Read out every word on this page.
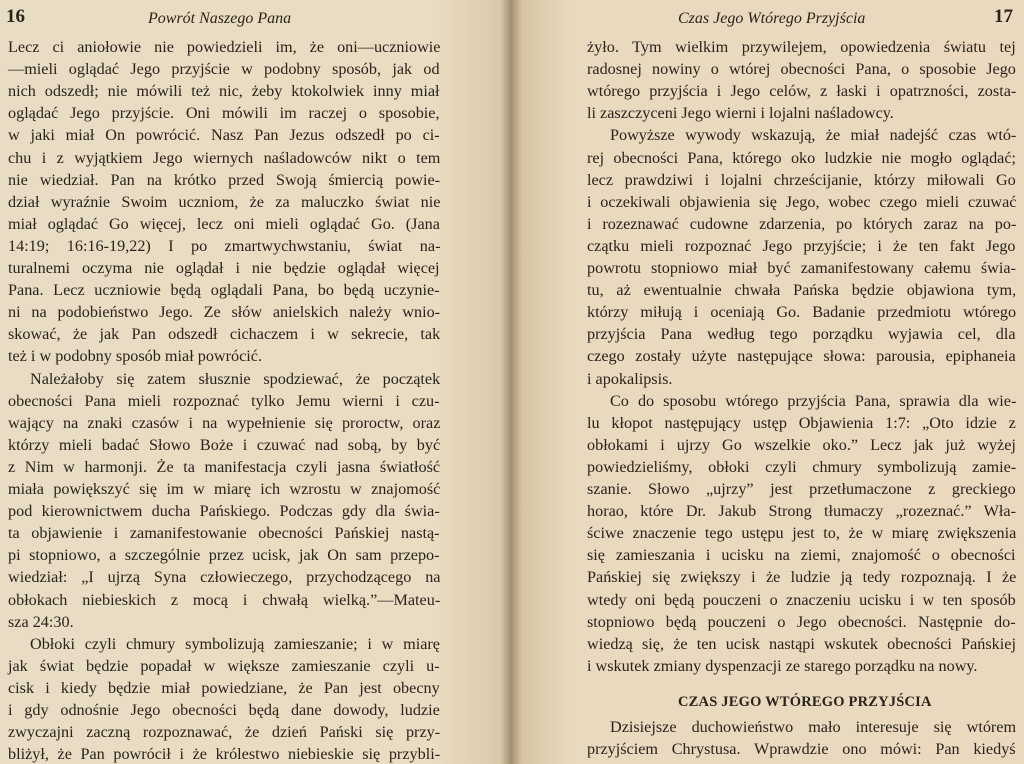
16	Powrót Naszego Pana
Lecz ci aniołowie nie powiedzieli im, że oni—uczniowie
—mieli oglądać Jego przyjście w podobny sposób, jak od
nich odszedł; nie mówili też nic, żeby ktokolwiek inny miał
oglądać Jego przyjście. Oni mówili im raczej o sposobie,
w jaki miał On powrócić. Nasz Pan Jezus odszedł po ci-
chu i z wyjątkiem Jego wiernych naśladowców nikt o tem
nie wiedział. Pan na krótko przed Swoją śmiercią powie-
dział wyraźnie Swoim uczniom, że za maluczko świat nie
miał oglądać Go więcej, lecz oni mieli oglądać Go. (Jana
14:19; 16:16-19,22) I po zmartwychwstaniu, świat na-
turalnemi oczyma nie oglądał i nie będzie oglądał więcej
Pana. Lecz uczniowie będą oglądali Pana, bo będą uczynie-
ni na podobieństwo Jego. Ze słów anielskich należy wnio-
skować, że jak Pan odszedł cichaczem i w sekrecie, tak
też i w podobny sposób miał powrócić.
Należałoby się zatem słusznie spodziewać, że początek
obecności Pana mieli rozpoznać tylko Jemu wierni i czu-
wający na znaki czasów i na wypełnienie się proroctw, oraz
którzy mieli badać Słowo Boże i czuwać nad sobą, by być
z Nim w harmonji. Że ta manifestacja czyli jasna światłość
miała powiększyć się im w miarę ich wzrostu w znajomość
pod kierownictwem ducha Pańskiego. Podczas gdy dla świa-
ta objawienie i zamanifestowanie obecności Pańskiej nastą-
pi stopniowo, a szczególnie przez ucisk, jak On sam przepo-
wiedział: „I ujrzą Syna człowieczego, przychodzącego na
obłokach niebieskich z mocą i chwałą wielką.”—Mateu-
sza 24:30.
Obłoki czyli chmury symbolizują zamieszanie; i w miarę
jak świat będzie popadał w większe zamieszanie czyli u-
cisk i kiedy będzie miał powiedziane, że Pan jest obecny
i gdy odnośnie Jego obecności będą dane dowody, ludzie
zwyczajni zaczną rozpoznawać, że dzień Pański się przy-
bliżył, że Pan powrócił i że królestwo niebieskie się przybli-
Czas Jego Wtórego Przyjścia	17
żyło. Tym wielkim przywilejem, opowiedzenia światu tej
radosnej nowiny o wtórej obecności Pana, o sposobie Jego
wtórego przyjścia i Jego celów, z łaski i opatrzności, zosta-
li zaszczyceni Jego wierni i lojalni naśladowcy.
Powyższe wywody wskazują, że miał nadejść czas wtó-
rej obecności Pana, którego oko ludzkie nie mogło oglądać;
lecz prawdziwi i lojalni chrześcijanie, którzy miłowali Go
i oczekiwali objawienia się Jego, wobec czego mieli czuwać
i rozeznawać cudowne zdarzenia, po których zaraz na po-
czątku mieli rozpoznać Jego przyjście; i że ten fakt Jego
powrotu stopniowo miał być zamanifestowany całemu świa-
tu, aż ewentualnie chwała Pańska będzie objawiona tym,
którzy miłują i oceniają Go. Badanie przedmiotu wtórego
przyjścia Pana według tego porządku wyjawia cel, dla
czego zostały użyte następujące słowa: parousia, epiphaneia
i apokalipsis.
Co do sposobu wtórego przyjścia Pana, sprawia dla wie-
lu kłopot następujący ustęp Objawienia 1:7: „Oto idzie z
obłokami i ujrzy Go wszelkie oko.” Lecz jak już wyżej
powiedzieliśmy, obłoki czyli chmury symbolizują zamie-
szanie. Słowo „ujrzy” jest przetłumaczone z greckiego
horao, które Dr. Jakub Strong tłumaczy „rozeznać.” Wła-
ściwe znaczenie tego ustępu jest to, że w miarę zwiększenia
się zamieszania i ucisku na ziemi, znajomość o obecności
Pańskiej się zwiększy i że ludzie ją tedy rozpoznają. I że
wtedy oni będą pouczeni o znaczeniu ucisku i w ten sposób
stopniowo będą pouczeni o Jego obecności. Następnie do-
wiedzą się, że ten ucisk nastąpi wskutek obecności Pańskiej
i wskutek zmiany dyspenzacji ze starego porządku na nowy.
CZAS JEGO WTÓREGO PRZYJŚCIA
Dzisiejsze duchowieństwo mało interesuje się wtórem
przyjściem Chrystusa. Wprawdzie ono mówi: Pan kiedyś
